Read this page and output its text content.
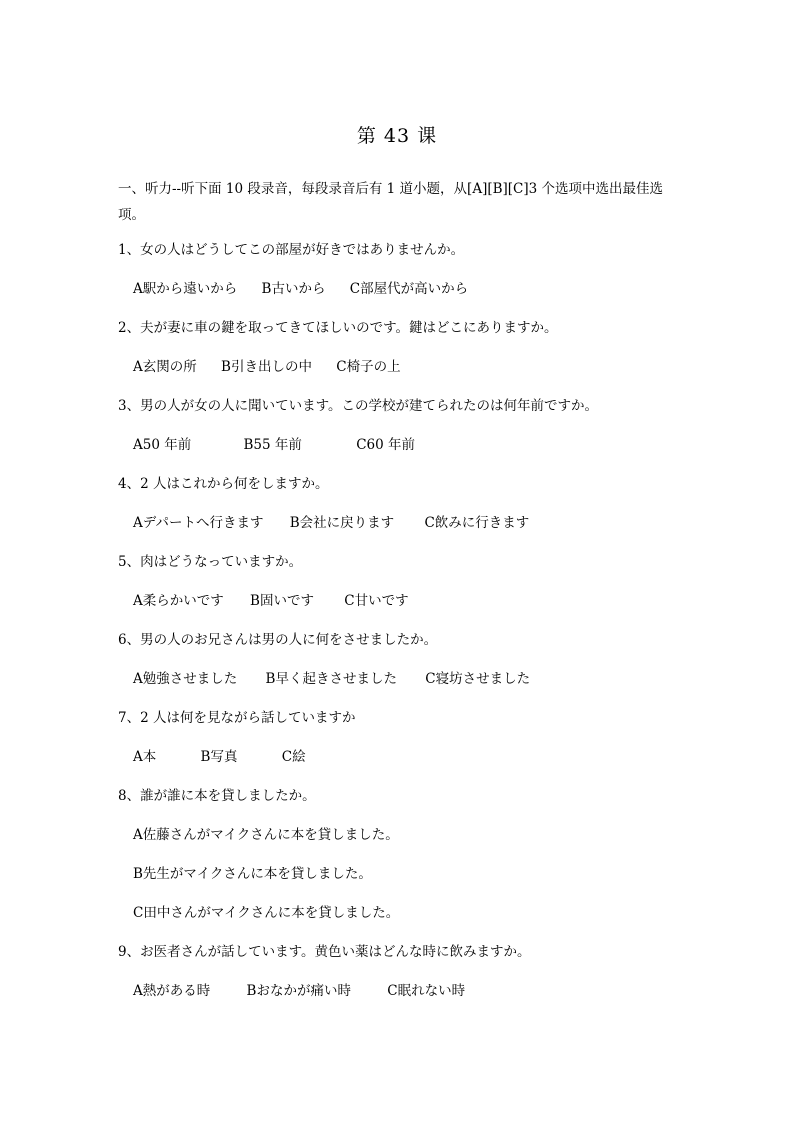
第 43 课
一、听力--听下面 10 段录音，每段录音后有 1 道小题，从[A][B][C]3 个选项中选出最佳选项。
1、女の人はどうしてこの部屋が好きではありませんか。
A駅から遠いから B古いから C部屋代が高いから
2、夫が妻に車の鍵を取ってきてほしいのです。鍵はどこにありますか。
A玄関の所 B引き出しの中 C椅子の上
3、男の人が女の人に聞いています。この学校が建てられたのは何年前ですか。
A50 年前	B55 年前	C60 年前
4、2 人はこれから何をしますか。
Aデパートへ行きます B会社に戻ります C飲みに行きます
5、肉はどうなっていますか。
A柔らかいです B固いです C甘いです
6、男の人のお兄さんは男の人に何をさせましたか。
A勉強させました B早く起きさせました C寝坊させました
7、2 人は何を見ながら話していますか
A本	B写真	C絵
8、誰が誰に本を貸しましたか。
A佐藤さんがマイクさんに本を貸しました。
B先生がマイクさんに本を貸しました。
C田中さんがマイクさんに本を貸しました。
9、お医者さんが話しています。黄色い薬はどんな時に飲みますか。
A熱がある時	Bおなかが痛い時	C眠れない時
